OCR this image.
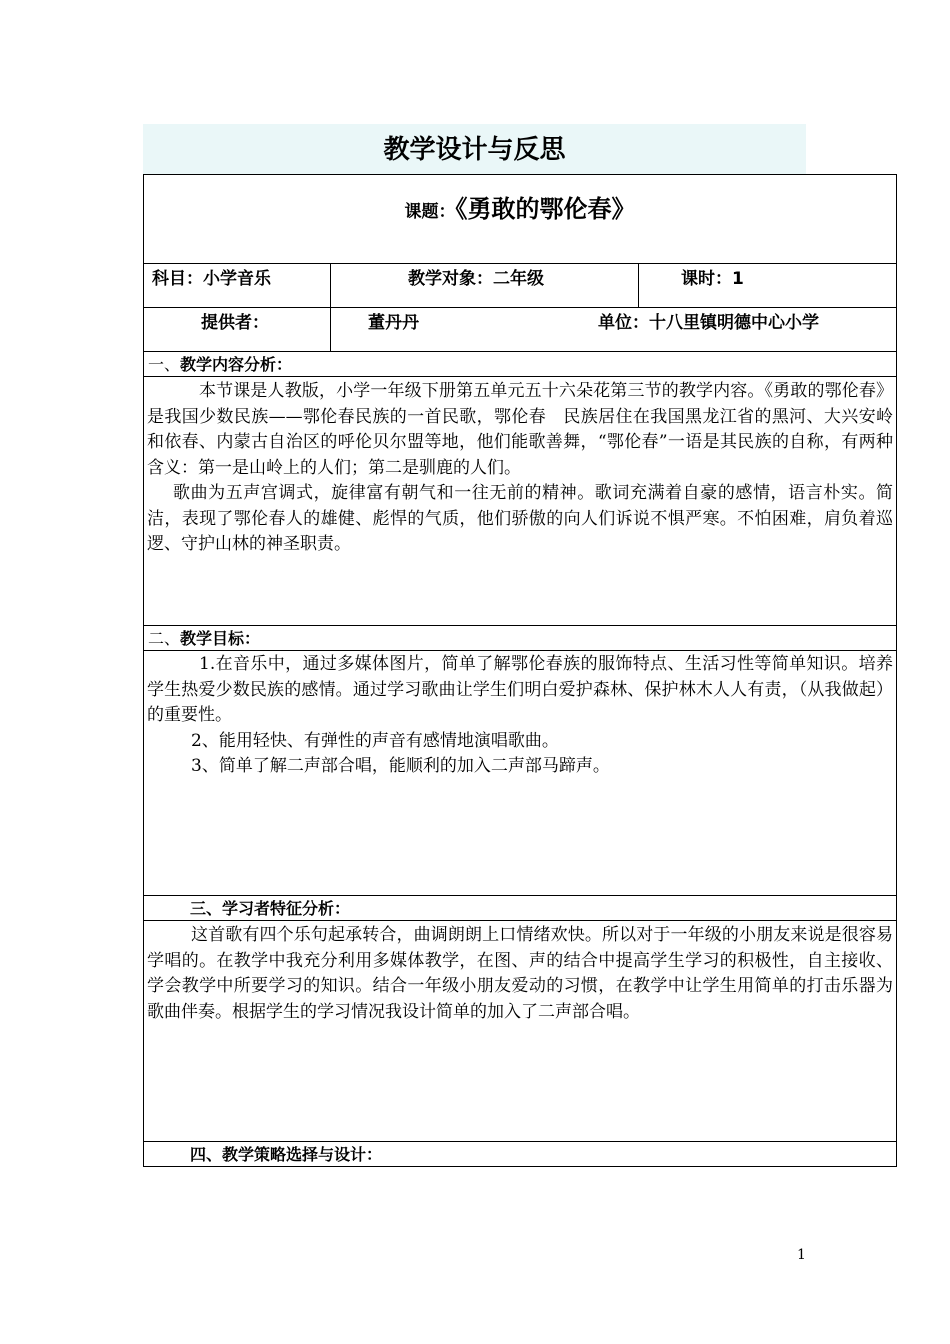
教学设计与反思
课题：《勇敢的鄂伦春》		
科目：小学音乐	教学对象：二年级	课时：1
提供者：	董丹丹 单位：十八里镇明德中心小学	
一、教学内容分析：		

本节课是人教版，小学一年级下册第五单元五十六朵花第三节的教学内容。《勇敢的鄂伦春》是我国少数民族——鄂伦春民族的一首民歌，鄂伦春　民族居住在我国黑龙江省的黑河、大兴安岭和依春、内蒙古自治区的呼伦贝尔盟等地，他们能歌善舞，“鄂伦春”一语是其民族的自称，有两种含义：第一是山岭上的人们；第二是驯鹿的人们。

歌曲为五声宫调式，旋律富有朝气和一往无前的精神。歌词充满着自豪的感情，语言朴实。简洁，表现了鄂伦春人的雄健、彪悍的气质，他们骄傲的向人们诉说不惧严寒。不怕困难，肩负着巡逻、守护山林的神圣职责。		

二、教学目标：		

1.在音乐中，通过多媒体图片，简单了解鄂伦春族的服饰特点、生活习性等简单知识。培养学生热爱少数民族的感情。通过学习歌曲让学生们明白爱护森林、保护林木人人有责，（从我做起）的重要性。

2、能用轻快、有弹性的声音有感情地演唱歌曲。

3、简单了解二声部合唱，能顺利的加入二声部马蹄声。		

三、学习者特征分析：		

这首歌有四个乐句起承转合，曲调朗朗上口情绪欢快。所以对于一年级的小朋友来说是很容易学唱的。在教学中我充分利用多媒体教学，在图、声的结合中提高学生学习的积极性，自主接收、学会教学中所要学习的知识。结合一年级小朋友爱动的习惯，在教学中让学生用简单的打击乐器为歌曲伴奏。根据学生的学习情况我设计简单的加入了二声部合唱。		

四、教学策略选择与设计：		
1
